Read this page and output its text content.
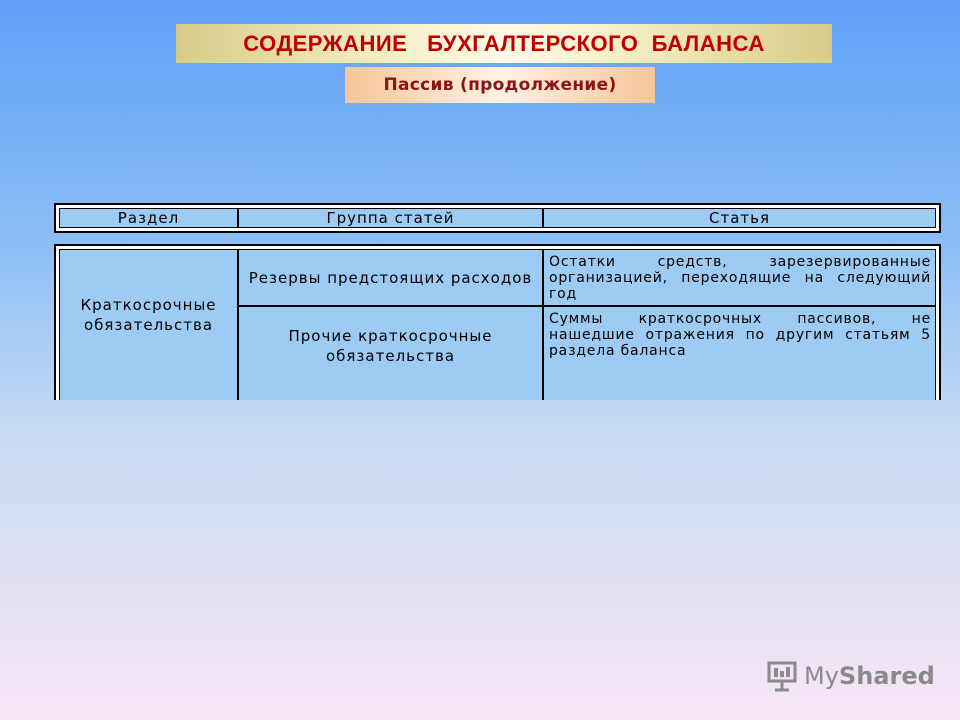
СОДЕРЖАНИЕ   БУХГАЛТЕРСКОГО  БАЛАНСА
Пассив (продолжение)
Раздел	Группа статей	Статья
Краткосрочные обязательства
Резервы предстоящих расходов
Остатки средств, зарезервированные организацией, переходящие на следующий год
Прочие краткосрочные обязательства
Суммы краткосрочных пассивов, не нашедшие отражения по другим статьям 5 раздела баланса
MyShared
